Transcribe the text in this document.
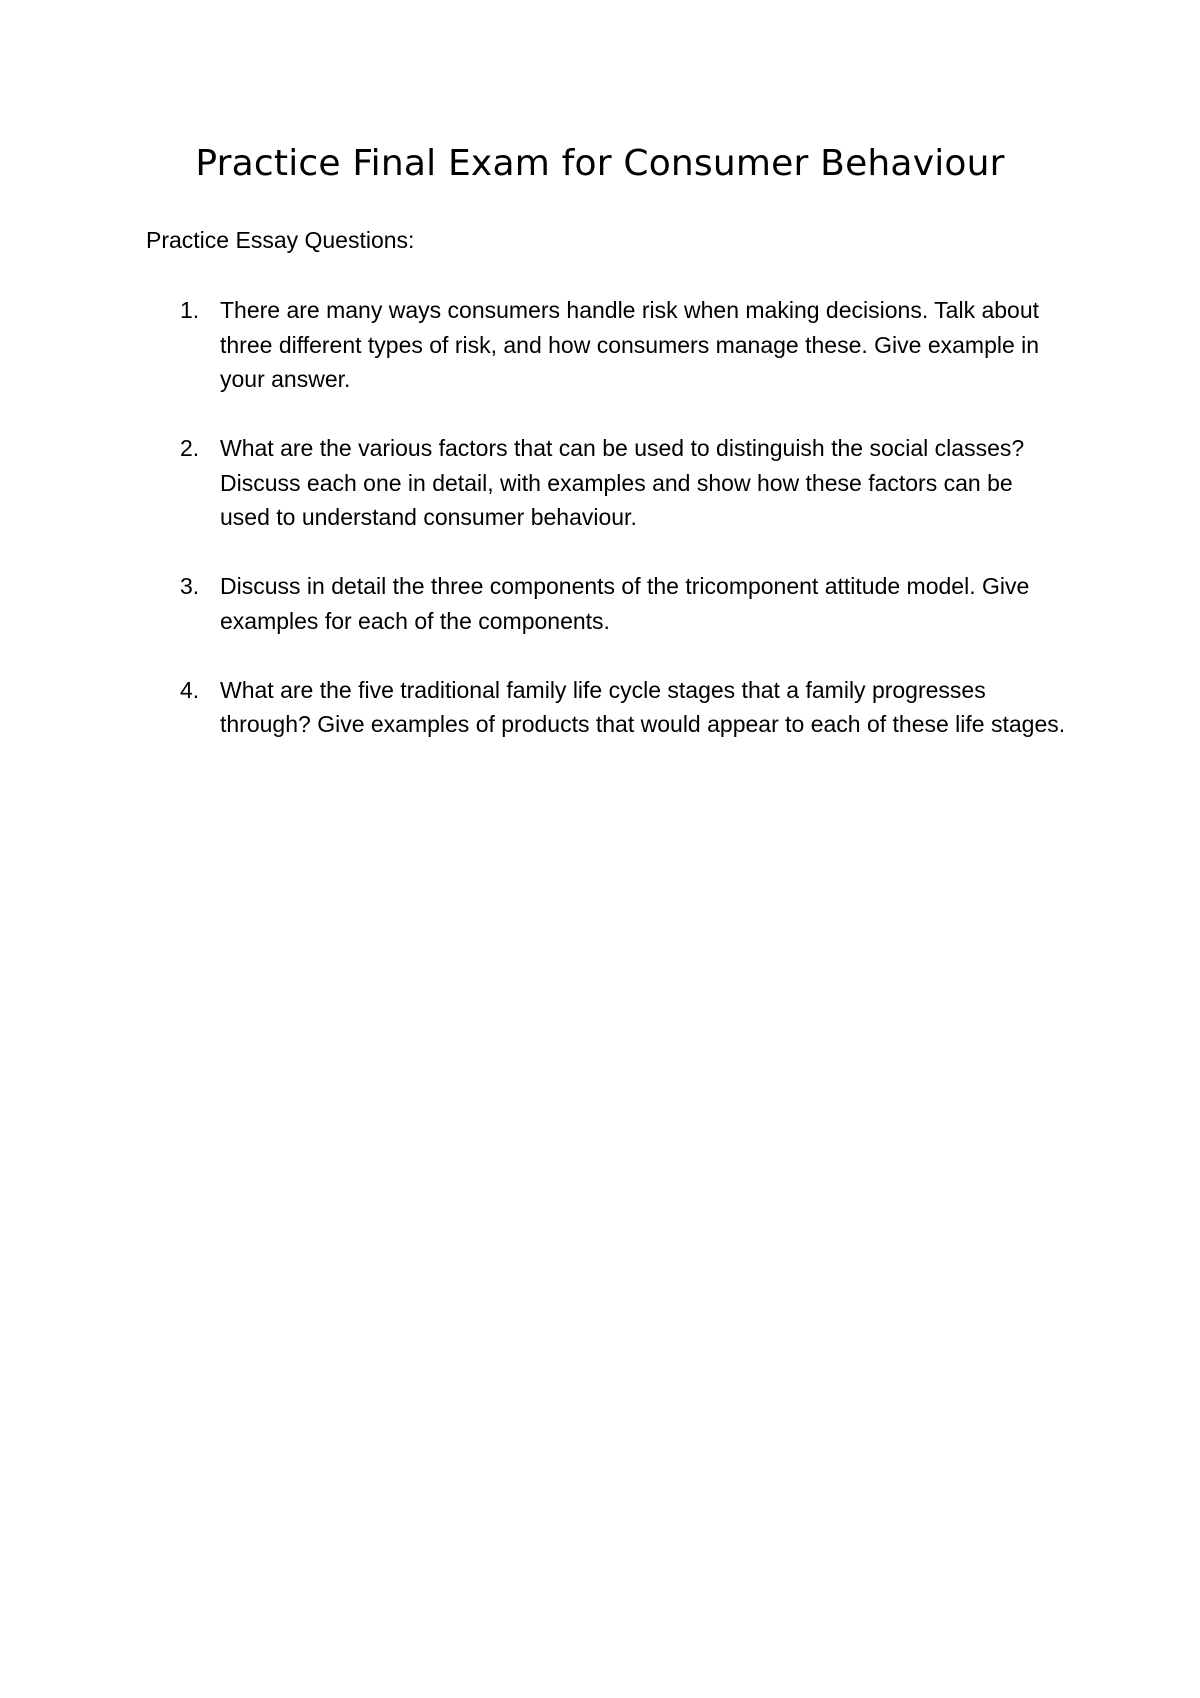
Practice Final Exam for Consumer Behaviour

Practice Essay Questions:

1. There are many ways consumers handle risk when making decisions. Talk about three different types of risk, and how consumers manage these. Give example in your answer.
2. What are the various factors that can be used to distinguish the social classes? Discuss each one in detail, with examples and show how these factors can be used to understand consumer behaviour.
3. Discuss in detail the three components of the tricomponent attitude model. Give examples for each of the components.
4. What are the five traditional family life cycle stages that a family progresses through? Give examples of products that would appear to each of these life stages.
